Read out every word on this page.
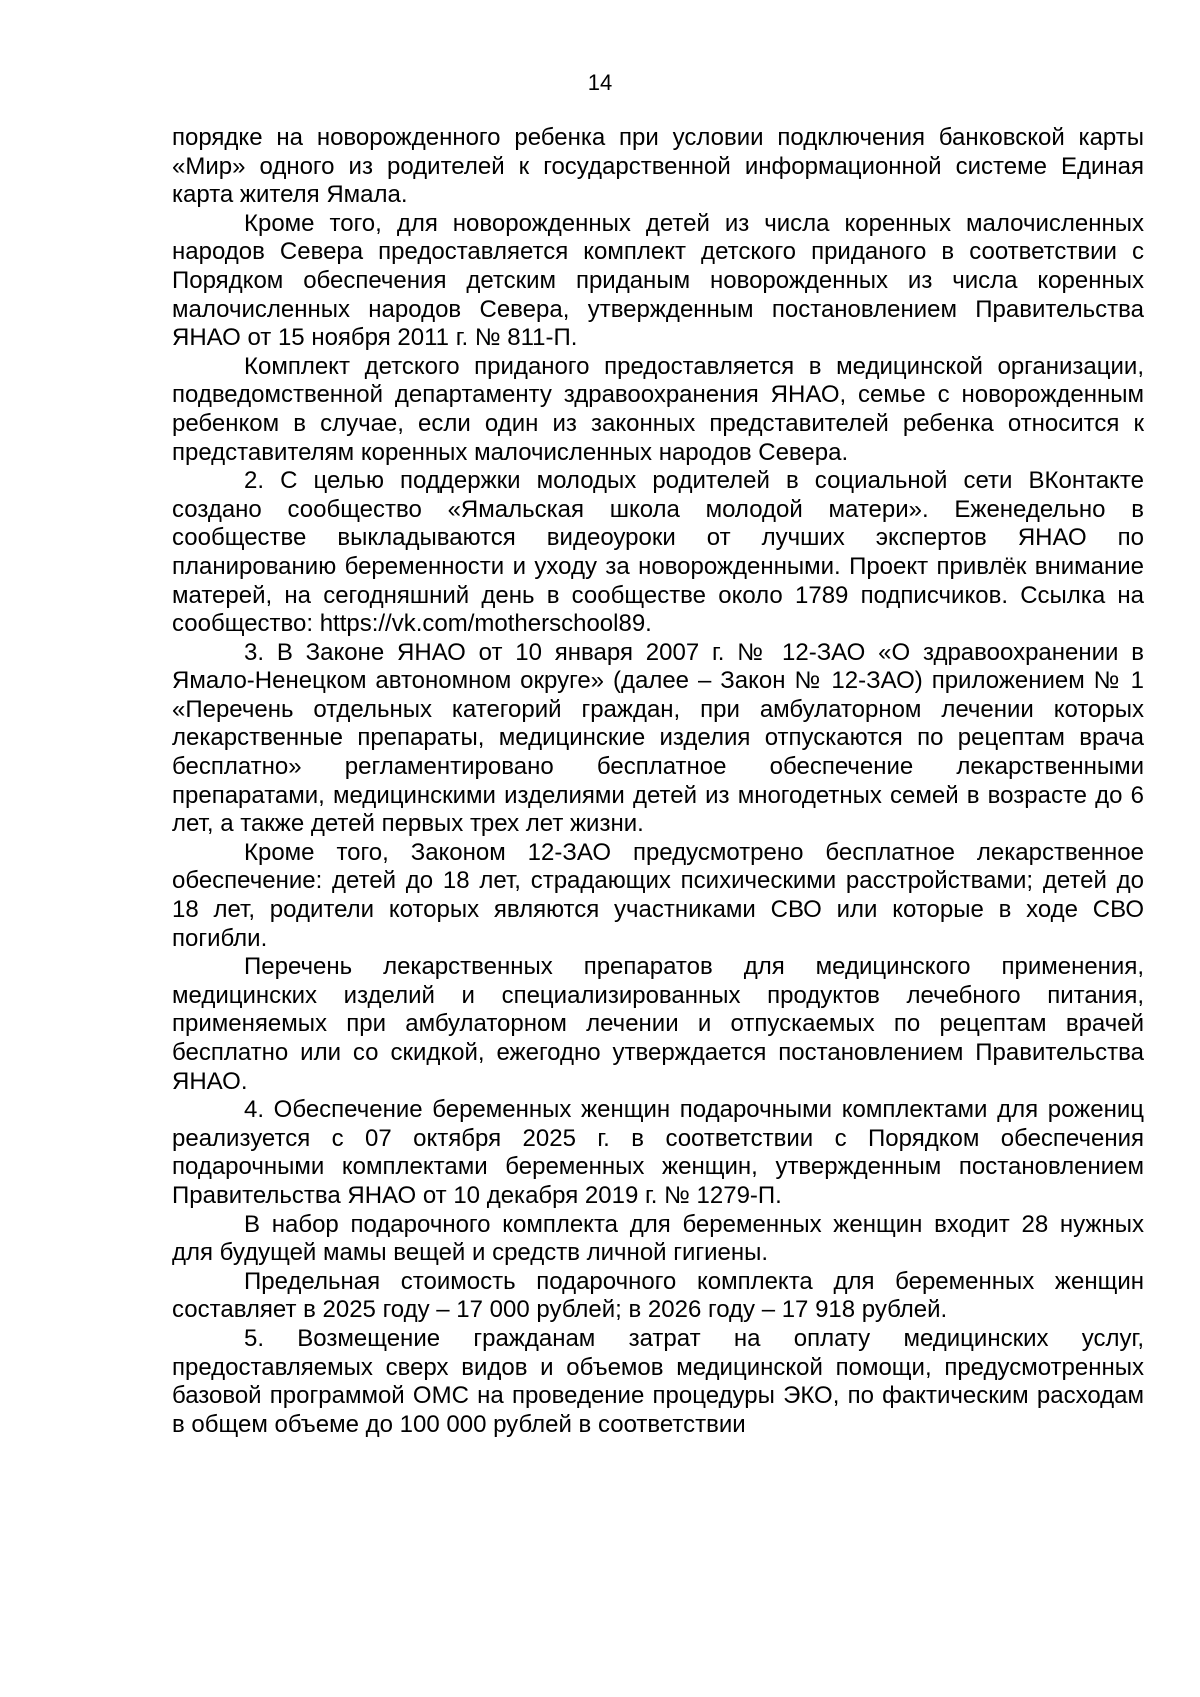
14

порядке на новорожденного ребенка при условии подключения банковской карты «Мир» одного из родителей к государственной информационной системе Единая карта жителя Ямала.

Кроме того, для новорожденных детей из числа коренных малочисленных народов Севера предоставляется комплект детского приданого в соответствии с Порядком обеспечения детским приданым новорожденных из числа коренных малочисленных народов Севера, утвержденным постановлением Правительства ЯНАО от 15 ноября 2011 г. № 811-П.

Комплект детского приданого предоставляется в медицинской организации, подведомственной департаменту здравоохранения ЯНАО, семье с новорожденным ребенком в случае, если один из законных представителей ребенка относится к представителям коренных малочисленных народов Севера.

2. С целью поддержки молодых родителей в социальной сети ВКонтакте создано сообщество «Ямальская школа молодой матери». Еженедельно в сообществе выкладываются видеоуроки от лучших экспертов ЯНАО по планированию беременности и уходу за новорожденными. Проект привлёк внимание матерей, на сегодняшний день в сообществе около 1789 подписчиков. Ссылка на сообщество: https://vk.com/motherschool89.

3. В Законе ЯНАО от 10 января 2007 г. № 12-ЗАО «О здравоохранении в Ямало-Ненецком автономном округе» (далее – Закон № 12-ЗАО) приложением № 1 «Перечень отдельных категорий граждан, при амбулаторном лечении которых лекарственные препараты, медицинские изделия отпускаются по рецептам врача бесплатно» регламентировано бесплатное обеспечение лекарственными препаратами, медицинскими изделиями детей из многодетных семей в возрасте до 6 лет, а также детей первых трех лет жизни.

Кроме того, Законом 12-ЗАО предусмотрено бесплатное лекарственное обеспечение: детей до 18 лет, страдающих психическими расстройствами; детей до 18 лет, родители которых являются участниками СВО или которые в ходе СВО погибли.

Перечень лекарственных препаратов для медицинского применения, медицинских изделий и специализированных продуктов лечебного питания, применяемых при амбулаторном лечении и отпускаемых по рецептам врачей бесплатно или со скидкой, ежегодно утверждается постановлением Правительства ЯНАО.

4. Обеспечение беременных женщин подарочными комплектами для рожениц реализуется с 07 октября 2025 г. в соответствии с Порядком обеспечения подарочными комплектами беременных женщин, утвержденным постановлением Правительства ЯНАО от 10 декабря 2019 г. № 1279-П.

В набор подарочного комплекта для беременных женщин входит 28 нужных для будущей мамы вещей и средств личной гигиены.

Предельная стоимость подарочного комплекта для беременных женщин составляет в 2025 году – 17 000 рублей; в 2026 году – 17 918 рублей.

5. Возмещение гражданам затрат на оплату медицинских услуг, предоставляемых сверх видов и объемов медицинской помощи, предусмотренных базовой программой ОМС на проведение процедуры ЭКО, по фактическим расходам в общем объеме до 100 000 рублей в соответствии
